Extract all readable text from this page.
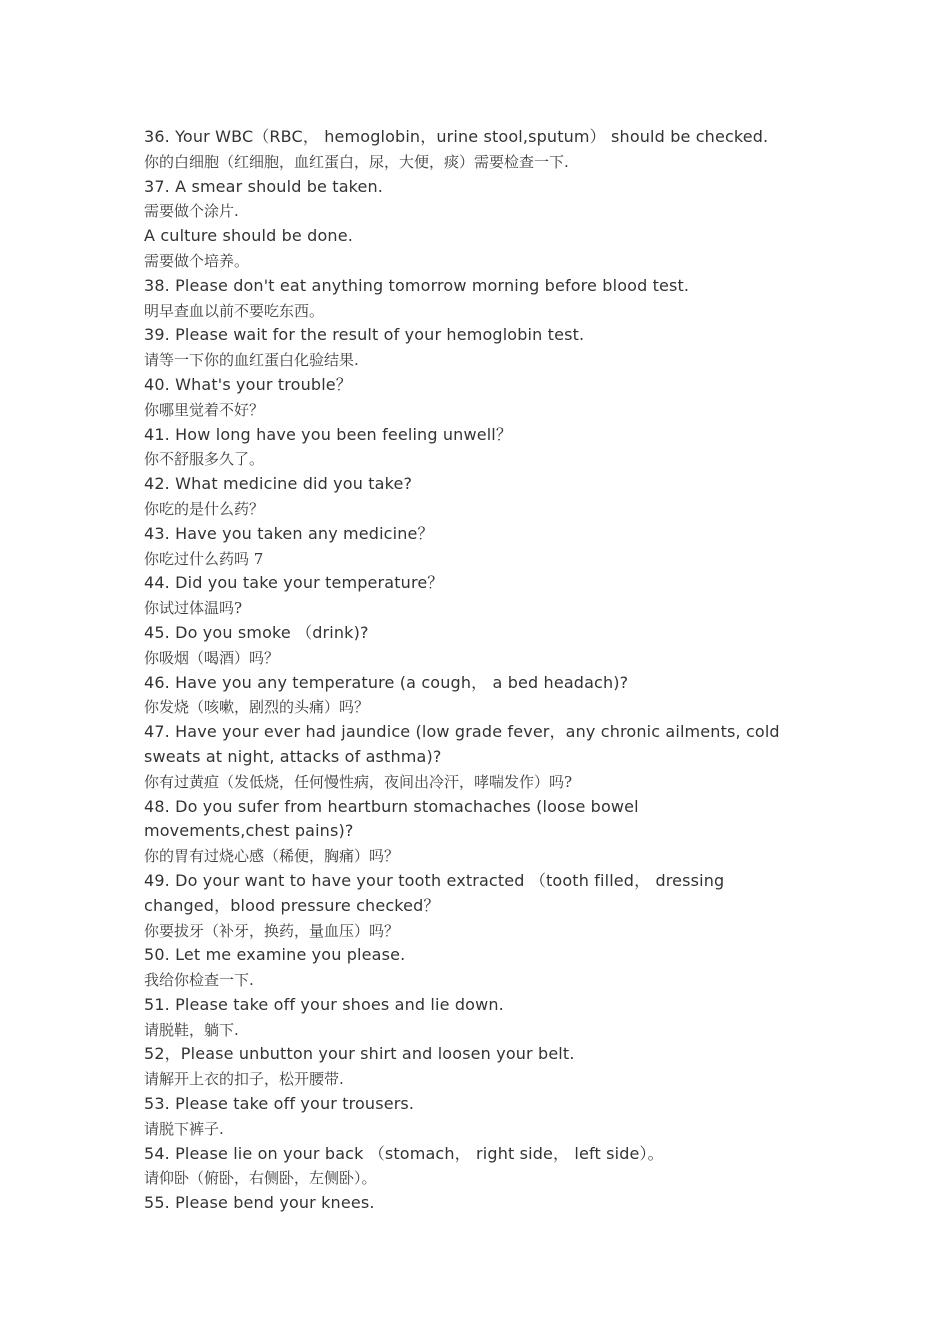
36. Your WBC（RBC， hemoglobin，urine stool,sputum） should be checked.
你的白细胞（红细胞，血红蛋白，尿，大便，痰）需要检查一下.
37. A smear should be taken.
需要做个涂片.
A culture should be done.
需要做个培养。
38. Please don't eat anything tomorrow morning before blood test.
明早查血以前不要吃东西。
39. Please wait for the result of your hemoglobin test.
请等一下你的血红蛋白化验结果.
40. What's your trouble？
你哪里觉着不好？
41. How long have you been feeling unwell？
你不舒服多久了。
42. What medicine did you take?
你吃的是什么药？
43. Have you taken any medicine？
你吃过什么药吗 7
44. Did you take your temperature？
你试过体温吗?
45. Do you smoke （drink)?
你吸烟（喝酒）吗？
46. Have you any temperature (a cough， a bed headach)?
你发烧（咳嗽，剧烈的头痛）吗？
47. Have your ever had jaundice (low grade fever，any chronic ailments, cold
sweats at night, attacks of asthma)?
你有过黄疸（发低烧，任何慢性病，夜间出冷汗，哮喘发作）吗?
48. Do you sufer from heartburn stomachaches (loose bowel
movements,chest pains)?
你的胃有过烧心感（稀便，胸痛）吗？
49. Do your want to have your tooth extracted （tooth filled， dressing
changed，blood pressure checked？
你要拔牙（补牙，换药，量血压）吗？
50. Let me examine you please.
我给你检查一下.
51. Please take off your shoes and lie down.
请脱鞋，躺下.
52，Please unbutton your shirt and loosen your belt.
请解开上衣的扣子，松开腰带.
53. Please take off your trousers.
请脱下裤子.
54. Please lie on your back （stomach， right side， left side）。
请仰卧（俯卧，右侧卧，左侧卧）。
55. Please bend your knees.
